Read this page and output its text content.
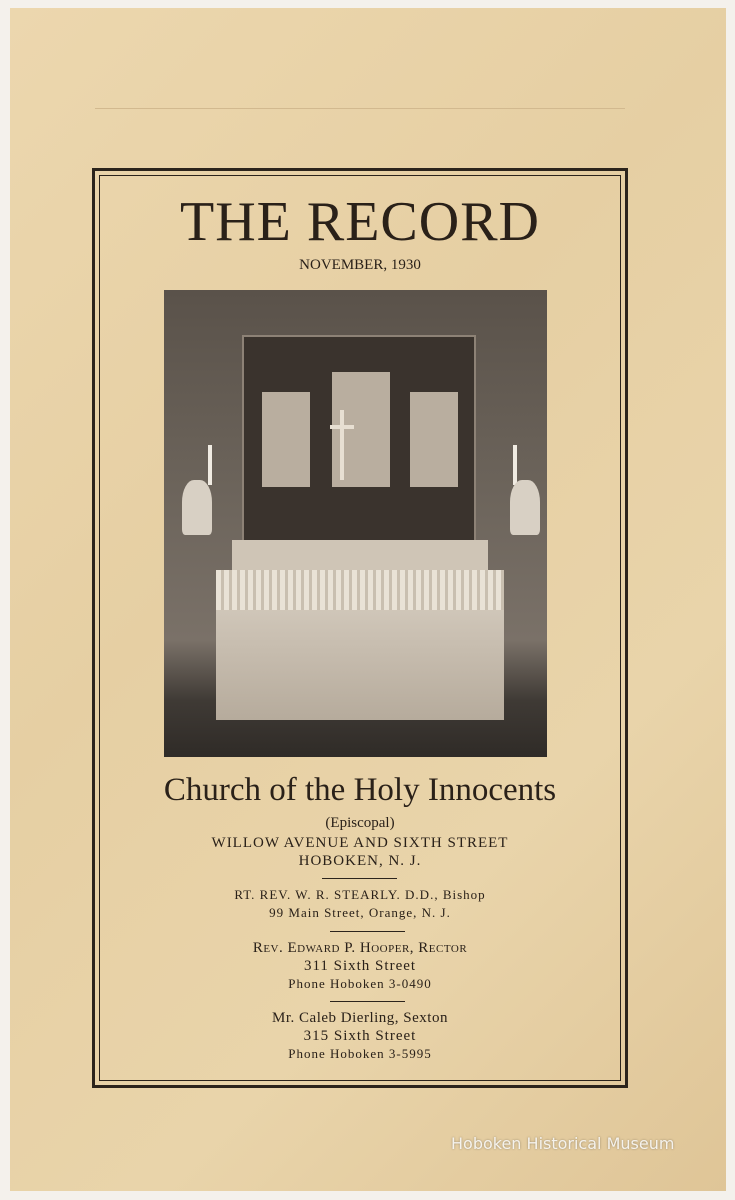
THE RECORD
NOVEMBER, 1930
Church of the Holy Innocents
(Episcopal)
WILLOW AVENUE AND SIXTH STREET
HOBOKEN, N. J.
RT. REV. W. R. STEARLY. D.D., Bishop
99 Main Street, Orange, N. J.
Rev. Edward P. Hooper, Rector
311 Sixth Street
Phone Hoboken 3-0490
Mr. Caleb Dierling, Sexton
315 Sixth Street
Phone Hoboken 3-5995
Hoboken Historical Museum
